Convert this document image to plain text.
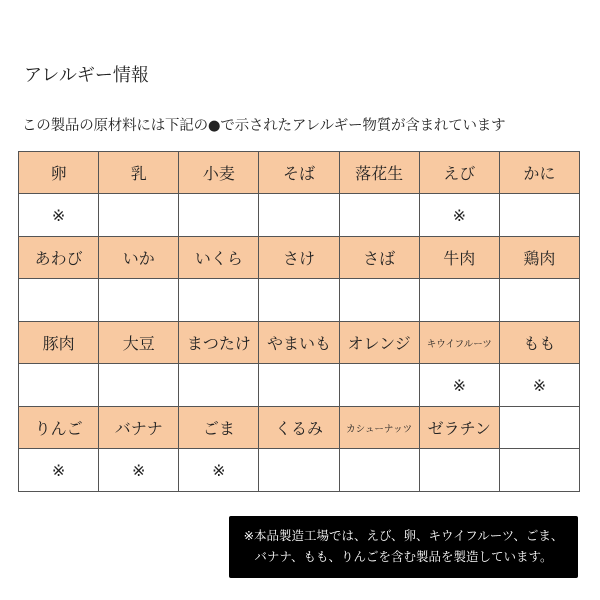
アレルギー情報
この製品の原材料には下記の●で示されたアレルギー物質が含まれています
卵	乳	小麦	そば	落花生	えび	かに
※					※	
あわび	いか	いくら	さけ	さば	牛肉	鶏肉

豚肉	大豆	まつたけ	やまいも	オレンジ	キウイフルーツ	もも
					※	※
りんご	バナナ	ごま	くるみ	カシューナッツ	ゼラチン	
※	※	※				
※本品製造工場では、えび、卵、キウイフルーツ、ごま、
バナナ、もも、りんごを含む製品を製造しています。
